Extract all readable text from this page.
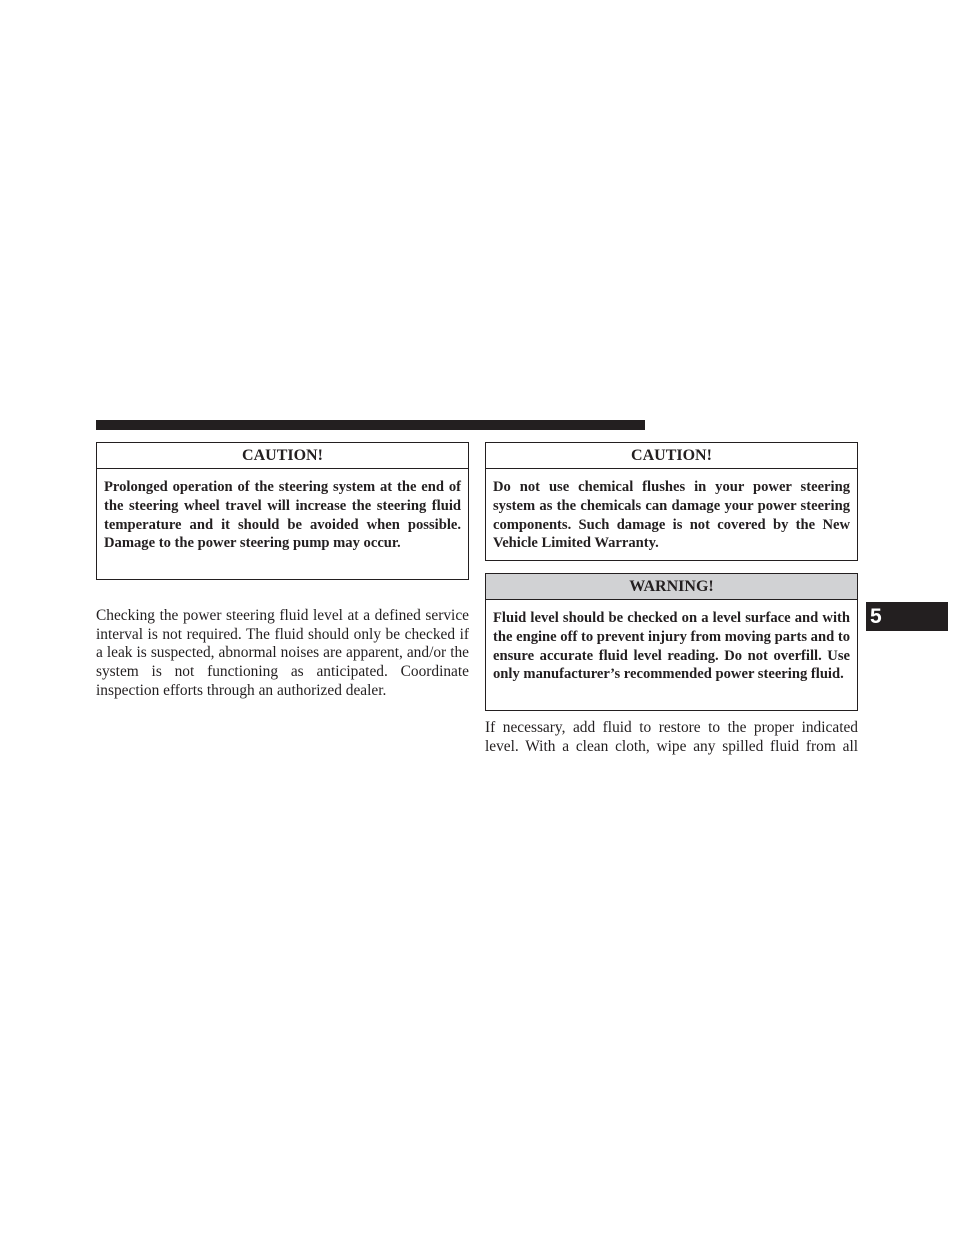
CAUTION!
Prolonged operation of the steering system at the end of the steering wheel travel will increase the steering fluid temperature and it should be avoided when possible. Damage to the power steering pump may occur.

Checking the power steering fluid level at a defined service interval is not required. The fluid should only be checked if a leak is suspected, abnormal noises are apparent, and/or the system is not functioning as anticipated. Coordinate inspection efforts through an authorized dealer.

CAUTION!
Do not use chemical flushes in your power steering system as the chemicals can damage your power steering components. Such damage is not covered by the New Vehicle Limited Warranty.
WARNING!
Fluid level should be checked on a level surface and with the engine off to prevent injury from moving parts and to ensure accurate fluid level reading. Do not overfill. Use only manufacturer’s recommended power steering fluid.

If necessary, add fluid to restore to the proper indicated level. With a clean cloth, wipe any spilled fluid from all

5
